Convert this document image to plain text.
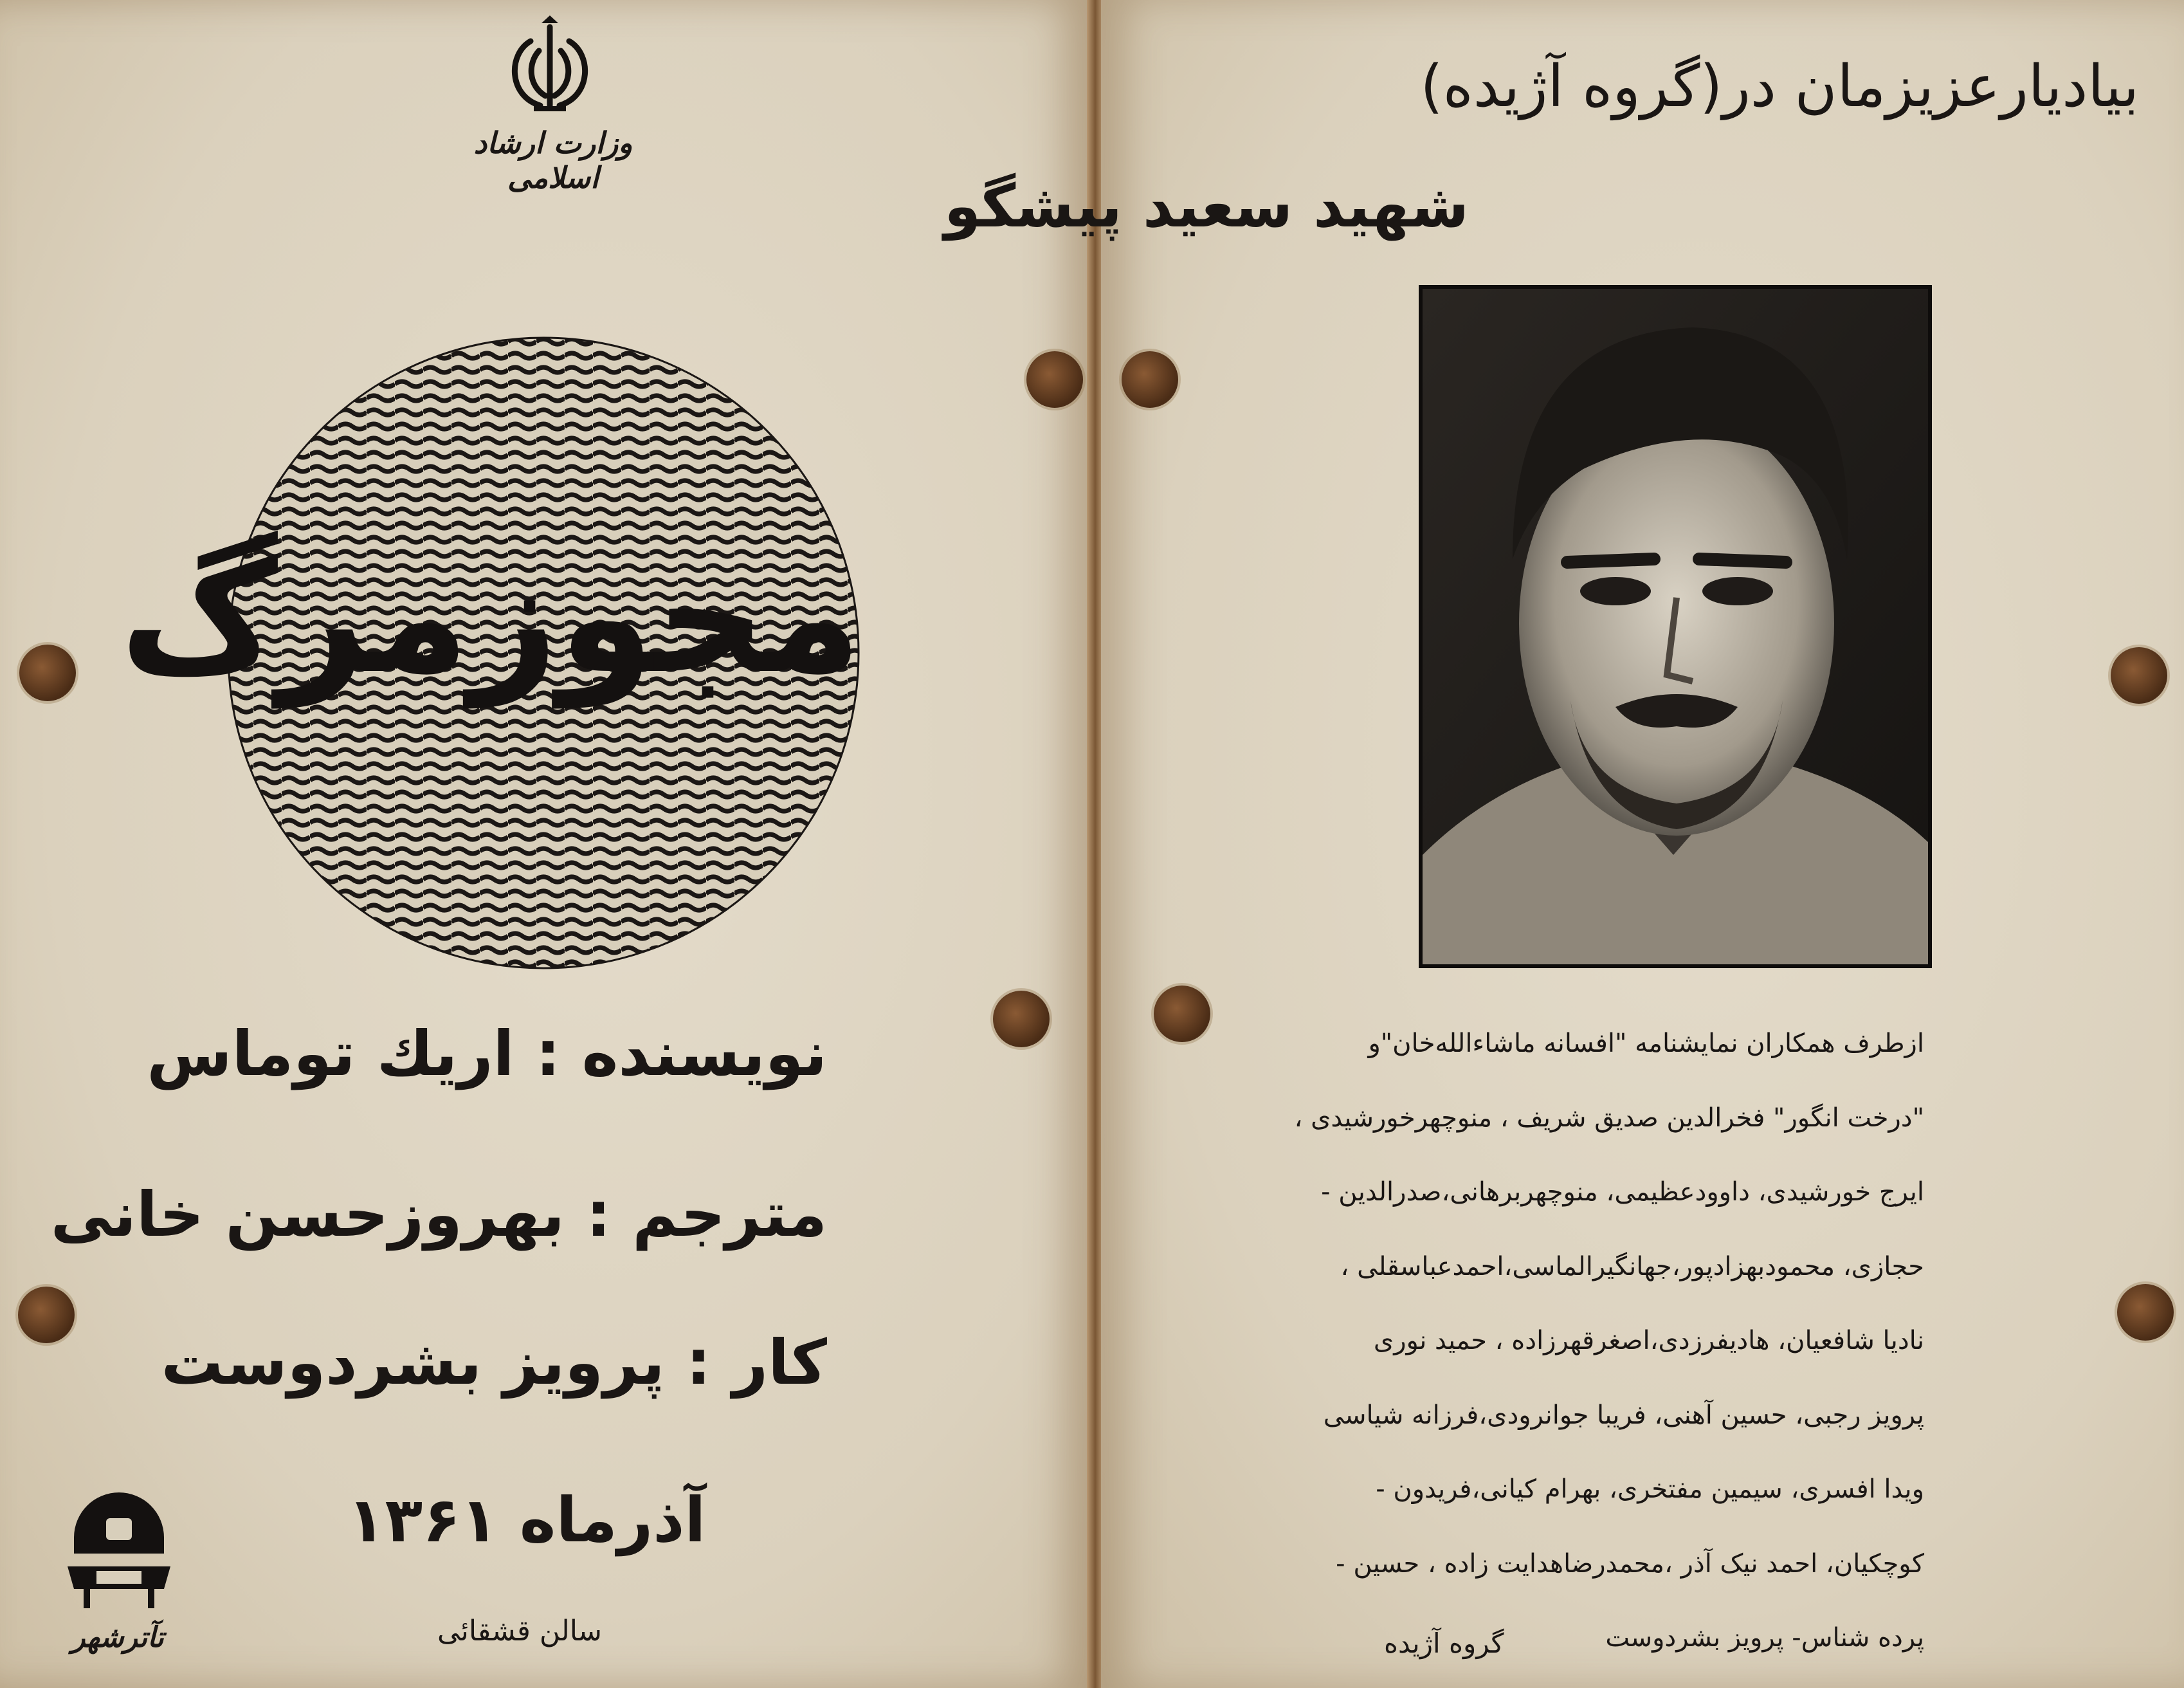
وزارت ارشاد اسلامی
مجوزمرگ
نویسنده : اریك توماس
مترجم : بهروزحسن خانی
کار : پرویز بشردوست
آذرماه ۱۳۶۱
سالن قشقائی
تآترشهر
بیادیارعزیزمان در(گروه آژیده)
شهید سعید پیشگو
ازطرف همکاران نمایشنامه "افسانه ماشاءاللەخان"و
"درخت انگور" فخرالدین صدیق شریف ، منوچهرخورشیدی ،
ایرج خورشیدی، داوودعظیمی، منوچهربرهانی،صدرالدین -
حجازی، محمودبهزادپور،جهانگیرالماسی،احمدعباسقلی ،
نادیا شافعیان، هادیفرزدی،اصغرقهرزاده ، حمید نوری
پرویز رجبی، حسین آهنی، فریبا جوانرودی،فرزانه شیاسی
ویدا افسری، سیمین مفتخری، بهرام کیانی،فریدون -
کوچکیان، احمد نیک آذر ،محمدرضاهدایت زاده ، حسین -
پرده شناس- پرویز بشردوست
گروه آژیده
